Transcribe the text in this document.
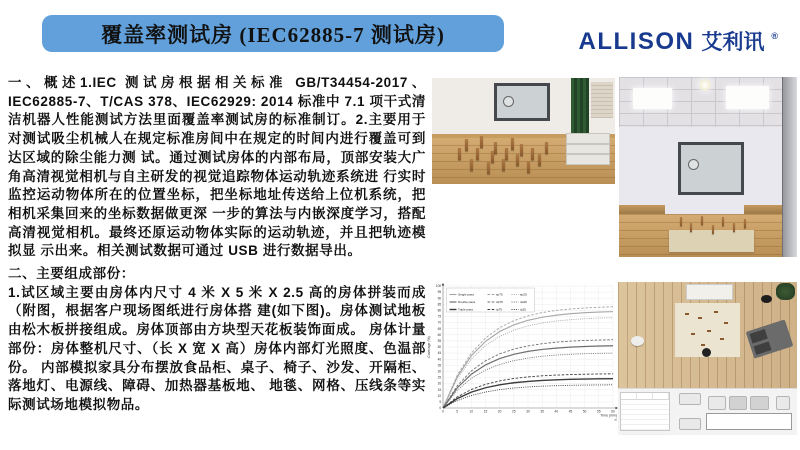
覆盖率测试房 (IEC62885-7 测试房)	ALLISON 艾利讯 ®

一、概述1.IEC 测试房根据相关标准 GB/T34454-2017、IEC62885-7、T/CAS 378、IEC62929: 2014 标准中 7.1 项干式清洁机器人性能测试方法里面覆盖率测试房的标准制订。2.主要用于对测试吸尘机械人在规定标准房间中在规定的时间内进行覆盖可到达区域的除尘能力测 试。通过测试房体的内部布局，顶部安装大广角高清视觉相机与自主研发的视觉追踪物体运动轨迹系统进 行实时监控运动物体所在的位置坐标，把坐标地址传送给上位机系统，把相机采集回来的坐标数据做更深 一步的算法与内嵌深度学习，搭配高清视觉相机。最终还原运动物体实际的运动轨迹，并且把轨迹模拟显 示出来。相关测试数据可通过 USB 进行数据导出。

二、主要组成部份：

1.试区域主要由房体内尺寸 4 米 X 5 米 X 2.5 高的房体拼装而成（附图，根据客户现场图纸进行房体搭 建(如下图)。房体测试地板由松木板拼接组成。房体顶部由方块型天花板装饰面成。 房体计量部份：房体整机尺寸、（长 X 宽 X 高）房体内部灯光照度、色温部份。 内部模拟家具分布摆放食品柜、桌子、椅子、沙发、开隔柜、落地灯、电源线、障碍、加热器基板地、 地毯、网格、压线条等实际测试场地模拟物品。	0
5
10
15
20
25
30
35
40
45
50
55
60
65
70
75
80
85
90
95
100
0	5	10	15	20	25	30	35	40	45	50	55	60
Coverage (%)
Time (min)
a)
Single pass	sp75	sp25
Double pass	dp75	dp25
Triple pass	tp75	tp25
